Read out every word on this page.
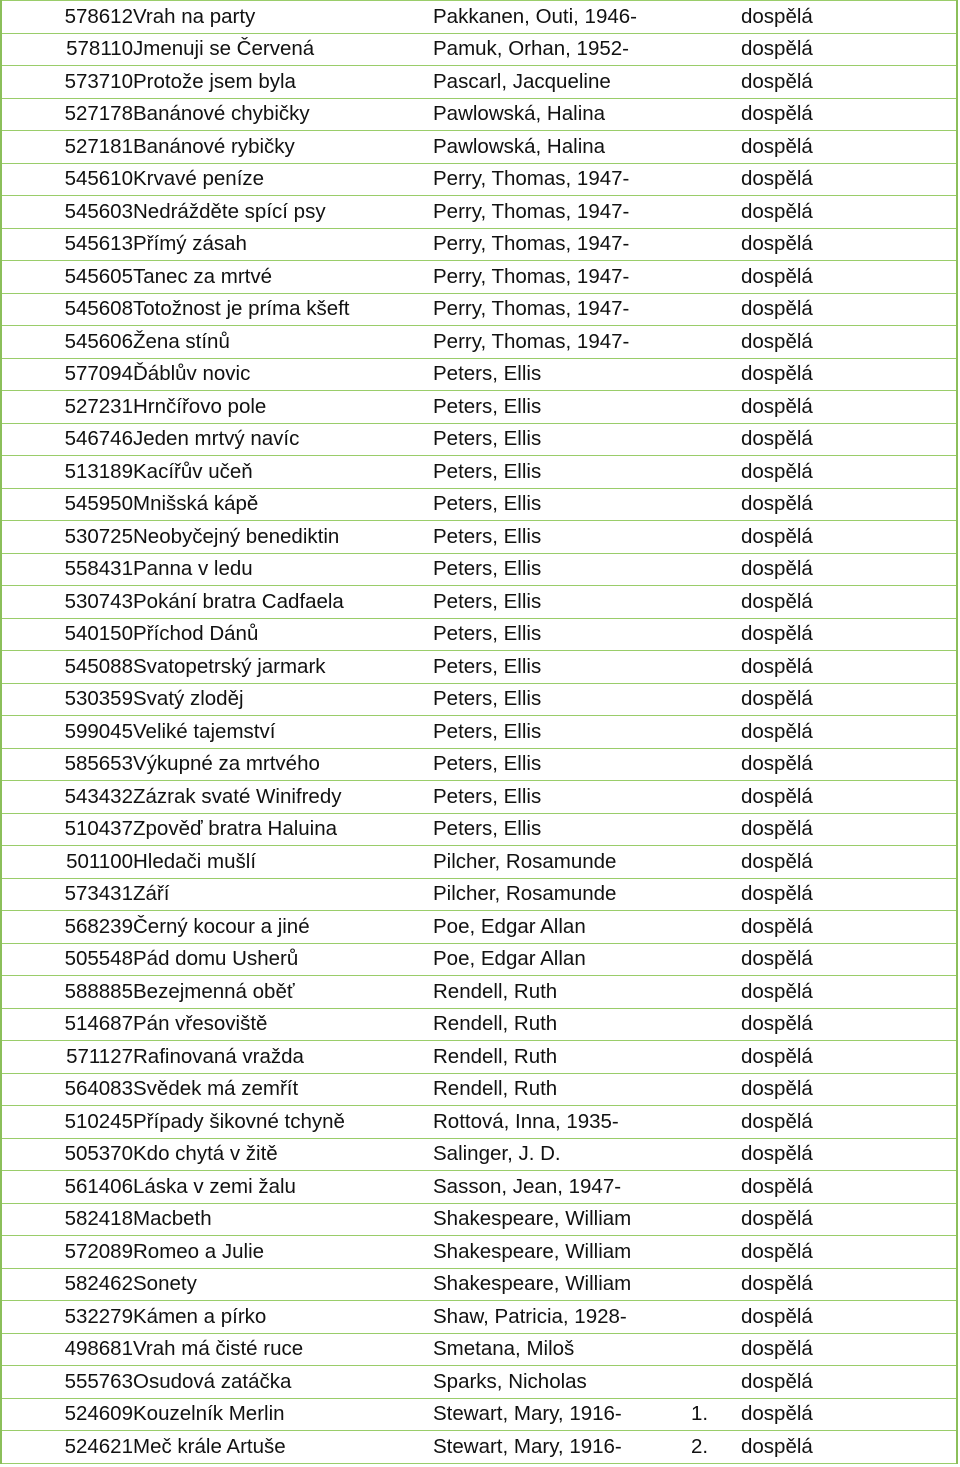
578612	Vrah na party	Pakkanen, Outi, 1946-		dospělá
578110	Jmenuji se Červená	Pamuk, Orhan, 1952-		dospělá
573710	Protože jsem byla	Pascarl, Jacqueline		dospělá
527178	Banánové chybičky	Pawlowská, Halina		dospělá
527181	Banánové rybičky	Pawlowská, Halina		dospělá
545610	Krvavé peníze	Perry, Thomas, 1947-		dospělá
545603	Nedrážděte spící psy	Perry, Thomas, 1947-		dospělá
545613	Přímý zásah	Perry, Thomas, 1947-		dospělá
545605	Tanec za mrtvé	Perry, Thomas, 1947-		dospělá
545608	Totožnost je príma kšeft	Perry, Thomas, 1947-		dospělá
545606	Žena stínů	Perry, Thomas, 1947-		dospělá
577094	Ďáblův novic	Peters, Ellis		dospělá
527231	Hrnčířovo pole	Peters, Ellis		dospělá
546746	Jeden mrtvý navíc	Peters, Ellis		dospělá
513189	Kacířův učeň	Peters, Ellis		dospělá
545950	Mnišská kápě	Peters, Ellis		dospělá
530725	Neobyčejný benediktin	Peters, Ellis		dospělá
558431	Panna v ledu	Peters, Ellis		dospělá
530743	Pokání bratra Cadfaela	Peters, Ellis		dospělá
540150	Příchod Dánů	Peters, Ellis		dospělá
545088	Svatopetrský jarmark	Peters, Ellis		dospělá
530359	Svatý zloděj	Peters, Ellis		dospělá
599045	Veliké tajemství	Peters, Ellis		dospělá
585653	Výkupné za mrtvého	Peters, Ellis		dospělá
543432	Zázrak svaté Winifredy	Peters, Ellis		dospělá
510437	Zpověď bratra Haluina	Peters, Ellis		dospělá
501100	Hledači mušlí	Pilcher, Rosamunde		dospělá
573431	Září	Pilcher, Rosamunde		dospělá
568239	Černý kocour a jiné	Poe, Edgar Allan		dospělá
505548	Pád domu Usherů	Poe, Edgar Allan		dospělá
588885	Bezejmenná oběť	Rendell, Ruth		dospělá
514687	Pán vřesoviště	Rendell, Ruth		dospělá
571127	Rafinovaná vražda	Rendell, Ruth		dospělá
564083	Svědek má zemřít	Rendell, Ruth		dospělá
510245	Případy šikovné tchyně	Rottová, Inna, 1935-		dospělá
505370	Kdo chytá v žitě	Salinger, J. D.		dospělá
561406	Láska v zemi žalu	Sasson, Jean, 1947-		dospělá
582418	Macbeth	Shakespeare, William		dospělá
572089	Romeo a Julie	Shakespeare, William		dospělá
582462	Sonety	Shakespeare, William		dospělá
532279	Kámen a pírko	Shaw, Patricia, 1928-		dospělá
498681	Vrah má čisté ruce	Smetana, Miloš		dospělá
555763	Osudová zatáčka	Sparks, Nicholas		dospělá
524609	Kouzelník Merlin	Stewart, Mary, 1916-	1.	dospělá
524621	Meč krále Artuše	Stewart, Mary, 1916-	2.	dospělá
